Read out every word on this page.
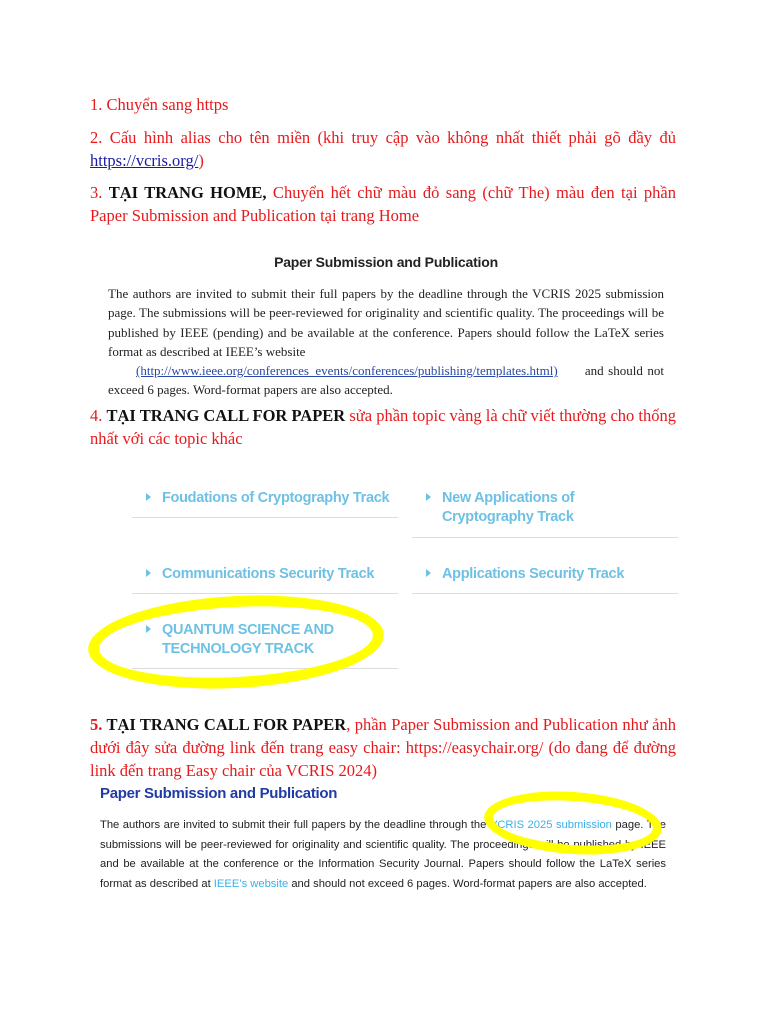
1. Chuyển sang https
2. Cấu hình alias cho tên miền (khi truy cập vào không nhất thiết phải gõ đầy đủ https://vcris.org/)
3. TẠI TRANG HOME, Chuyển hết chữ màu đỏ sang (chữ The) màu đen tại phần Paper Submission and Publication tại trang Home
Paper Submission and Publication
The authors are invited to submit their full papers by the deadline through the VCRIS 2025 submission page. The submissions will be peer-reviewed for originality and scientific quality. The proceedings will be published by IEEE (pending) and be available at the conference. Papers should follow the LaTeX series format as described at IEEE’s website
(http://www.ieee.org/conferences_events/conferences/publishing/templates.html) and should not exceed 6 pages. Word-format papers are also accepted.
4. TẠI TRANG CALL FOR PAPER sửa phần topic vàng là chữ viết thường cho thống nhất với các topic khác
Foudations of Cryptography Track	New Applications of
Cryptography Track
Communications Security Track	Applications Security Track
QUANTUM SCIENCE AND
TECHNOLOGY TRACK
5. TẠI TRANG CALL FOR PAPER, phần Paper Submission and Publication như ảnh dưới đây sửa đường link đến trang easy chair: https://easychair.org/ (do đang để đường link đến trang Easy chair của VCRIS 2024)
Paper Submission and Publication
The authors are invited to submit their full papers by the deadline through the VCRIS 2025 submission page. The submissions will be peer-reviewed for originality and scientific quality. The proceedings will be published by IEEE and be available at the conference or the Information Security Journal. Papers should follow the LaTeX series format as described at IEEE’s website and should not exceed 6 pages. Word-format papers are also accepted.
